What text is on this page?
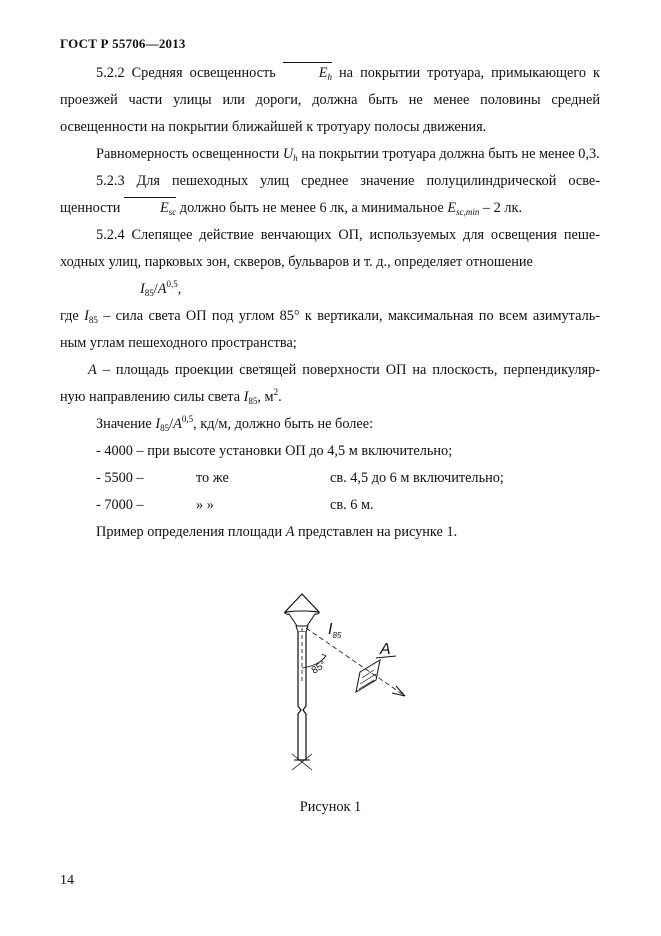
ГОСТ Р 55706—2013

5.2.2 Средняя освещенность	$E_h$ на покрытии тротуара, примыкающего к проезжей части улицы или дороги, должна быть не менее половины средней освещенности на покрытии ближайшей к тротуару полосы движения.

Равномерность освещенности $U_h$ на покрытии тротуара должна быть не менее 0,3.

5.2.3 Для пешеходных улиц среднее значение полуцилиндрической осве-щенности	$E_{sc}$ должно быть не менее 6 лк, а минимальное $E_{sc,min} - 2$ лк.

5.2.4 Слепящее действие венчающих ОП, используемых для освещения пеше-ходных улиц, парковых зон, скверов, бульваров и т. д., определяет отношение

$I_{85}/A^{0,5}$,

где $I_{85}$ – сила света ОП под углом 85° к вертикали, максимальная по всем азимуталь-ным углам пешеходного пространства;

A – площадь проекции светящей поверхности ОП на плоскость, перпендикуляр-ную направлению силы света $I_{85}$, $м^2$.

Значение $I_{85}/A^{0,5}$, кд/м, должно быть не более:

- 4000 – при высоте установки ОП до 4,5 м включительно;
- 5500 –	то же	св. 4,5 до 6 м включительно;
- 7000 –	» »	св. 6 м.

Пример определения площади A представлен на рисунке 1.

$I_{85}$
85°
A
Рисунок 1
14
